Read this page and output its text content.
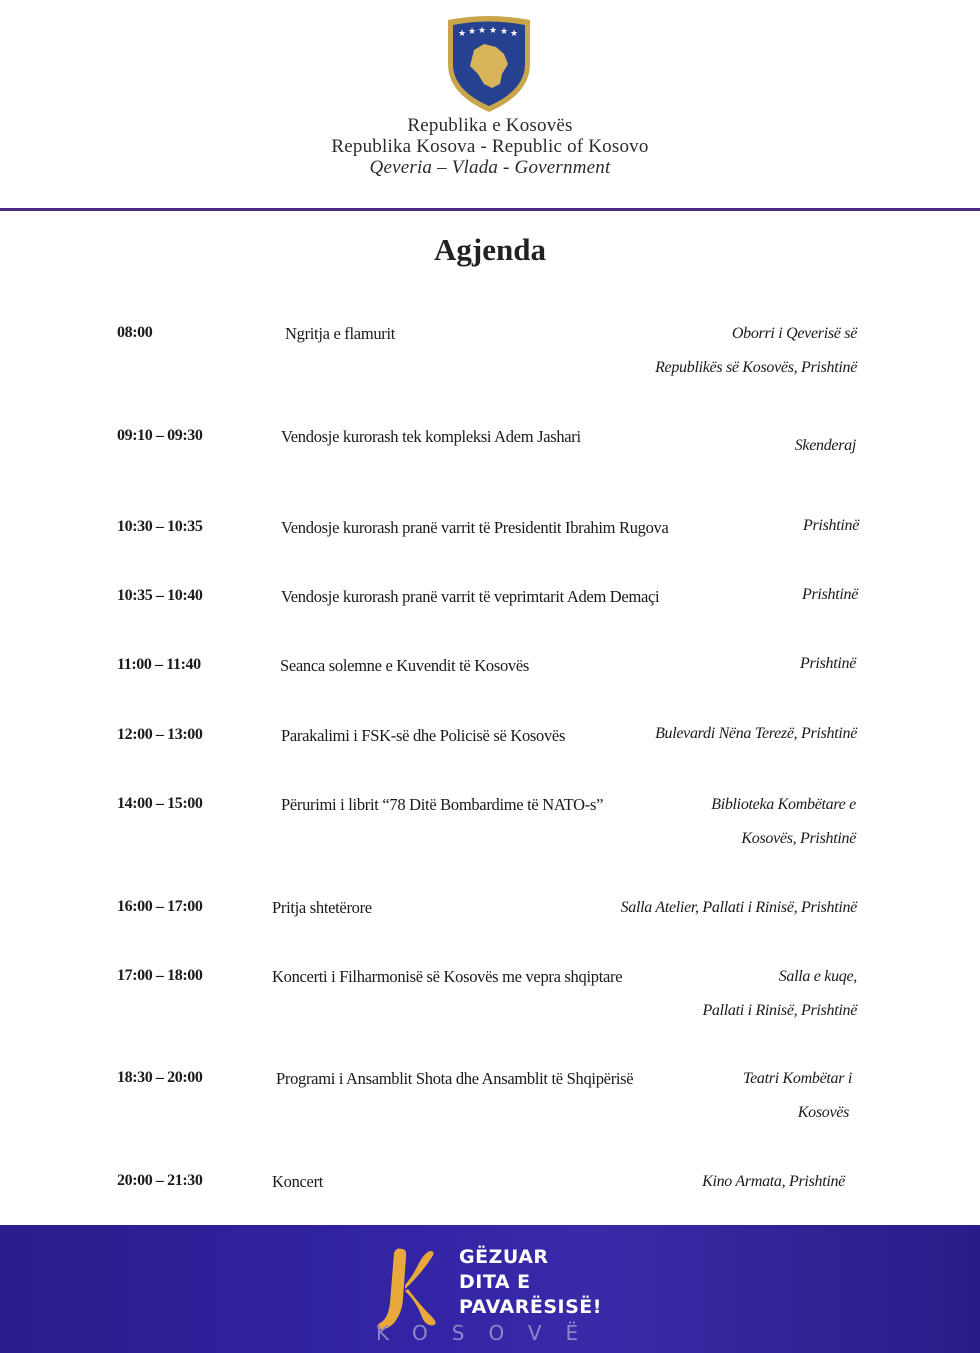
★ ★ ★ ★ ★ ★
Republika e Kosovës
Republika Kosova - Republic of Kosovo
Qeveria – Vlada - Government
Agjenda
08:00	Ngritja e flamurit	Oborri i Qeverisë së
Republikës së Kosovës, Prishtinë
09:10 – 09:30	Vendosje kurorash tek kompleksi Adem Jashari	Skenderaj
10:30 – 10:35	Vendosje kurorash pranë varrit të Presidentit Ibrahim Rugova	Prishtinë
10:35 – 10:40	Vendosje kurorash pranë varrit të veprimtarit Adem Demaçi	Prishtinë
11:00 – 11:40	Seanca solemne e Kuvendit të Kosovës	Prishtinë
12:00 – 13:00	Parakalimi i FSK-së dhe Policisë së Kosovës	Bulevardi Nëna Terezë, Prishtinë
14:00 – 15:00	Përurimi i librit “78 Ditë Bombardime të NATO-s”	Biblioteka Kombëtare e
Kosovës, Prishtinë
16:00 – 17:00	Pritja shtetërore	Salla Atelier, Pallati i Rinisë, Prishtinë
17:00 – 18:00	Koncerti i Filharmonisë së Kosovës me vepra shqiptare	Salla e kuqe,
Pallati i Rinisë, Prishtinë
18:30 – 20:00	Programi i Ansamblit Shota dhe Ansamblit të Shqipërisë	Teatri Kombëtar i
Kosovës
20:00 – 21:30	Koncert	Kino Armata, Prishtinë
GËZUAR
DITA E
PAVARËSISË!
KOSOVË
